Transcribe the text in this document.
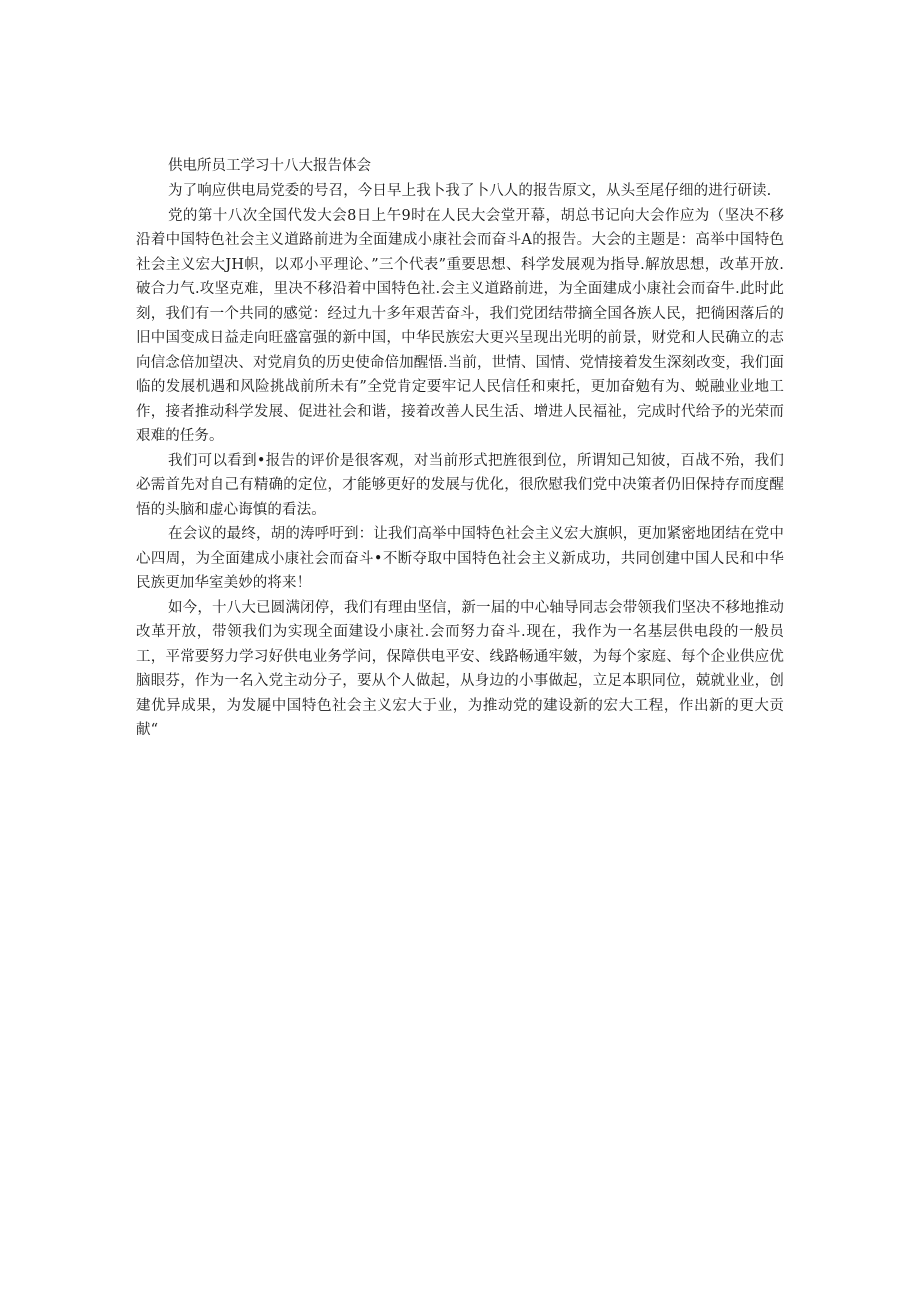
供电所员工学习十八大报告体会

为了响应供电局党委的号召，今日早上我卜我了卜八人的报告原文，从头至尾仔细的进行研读.

党的第十八次全国代发大会8日上午9时在人民大会堂开幕，胡总书记向大会作应为（坚决不移沿着中国特色社会主义道路前进为全面建成小康社会而奋斗A的报告。大会的主题是：高举中国特色社会主义宏大JH帜，以邓小平理论、”三个代表”重要思想、科学发展观为指导.解放思想，改革开放.破合力气.攻坚克难，里决不移沿着中国特色社.会主义道路前进，为全面建成小康社会而奋牛.此时此刻，我们有一个共同的感觉：经过九十多年艰苦奋斗，我们党团结带摘全国各族人民，把徜困落后的旧中国变成日益走向旺盛富强的新中国，中华民族宏大更兴呈现出光明的前景，财党和人民确立的志向信念倍加望决、对党肩负的历史使命倍加醒悟.当前，世情、国情、党情接着发生深刻改变，我们面临的发展机遇和风险挑战前所未有”全党肯定要牢记人民信任和柬托，更加奋勉有为、蜕融业业地工作，接者推动科学发展、促进社会和谐，接着改善人民生活、增进人民福祉，完成时代给予的光荣而艰难的任务。

我们可以看到•报告的评价是很客观，对当前形式把旌很到位，所谓知己知彼，百战不殆，我们必需首先对自己有精确的定位，才能够更好的发展与优化，很欣慰我们党中决策者仍旧保持存而度醒悟的头脑和虚心诲慎的看法。

在会议的最终，胡的涛呼吁到：让我们高举中国特色社会主义宏大旗帜，更加紧密地团结在党中心四周，为全面建成小康社会而奋斗•不断夺取中国特色社会主义新成功，共同创建中国人民和中华民族更加华室美妙的将来！

如今，十八大已圆满闭停，我们有理由坚信，新一届的中心轴导同志会带领我们坚决不移地推动改革开放，带领我们为实现全面建设小康社.会而努力奋斗.现在，我作为一名基层供电段的一般员工，平常要努力学习好供电业务学问，保障供电平安、线路畅通牢皴，为每个家庭、每个企业供应优脑眼芬，作为一名入党主动分子，要从个人做起，从身边的小事做起，立足本职同位，兢就业业，创建优异成果，为发屣中国特色社会主义宏大于业，为推动党的建设新的宏大工程，作出新的更大贡献“
